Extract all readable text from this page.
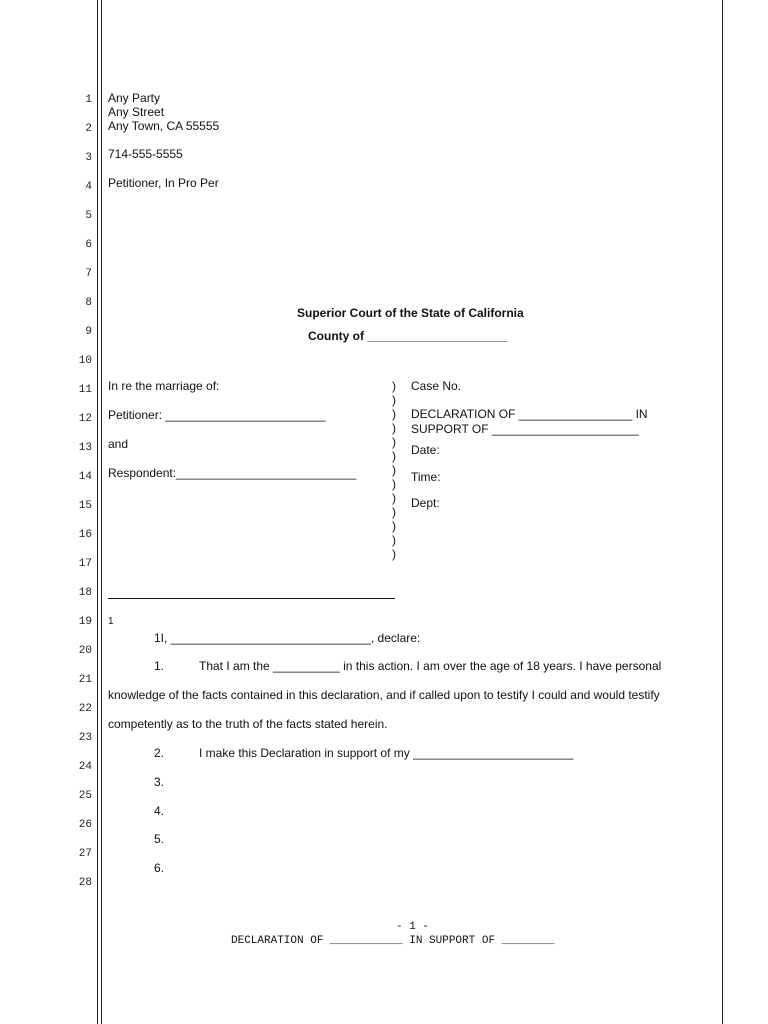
1
2
3
4
5
6
7
8
9
10
11
12
13
14
15
16
17
18
19
20
21
22
23
24
25
26
27
28
Any Party
Any Street
Any Town, CA 55555
714-555-5555
Petitioner, In Pro Per
Superior Court of the State of California
County of _____________________
In re the marriage of:
Petitioner: ________________________
and
Respondent:___________________________
)
)
)
)
)
)
)
)
)
)
)
)
)
Case No.
DECLARATION OF _________________ IN
SUPPORT OF ______________________
Date:
Time:
Dept:
1
1I, ______________________________, declare:
1.	That I am the __________ in this action. I am over the age of 18 years. I have personal
knowledge of the facts contained in this declaration, and if called upon to testify I could and would testify
competently as to the truth of the facts stated herein.
2.	I make this Declaration in support of my ________________________
3.
4.
5.
6.
- 1 -
DECLARATION OF ___________ IN SUPPORT OF ________
